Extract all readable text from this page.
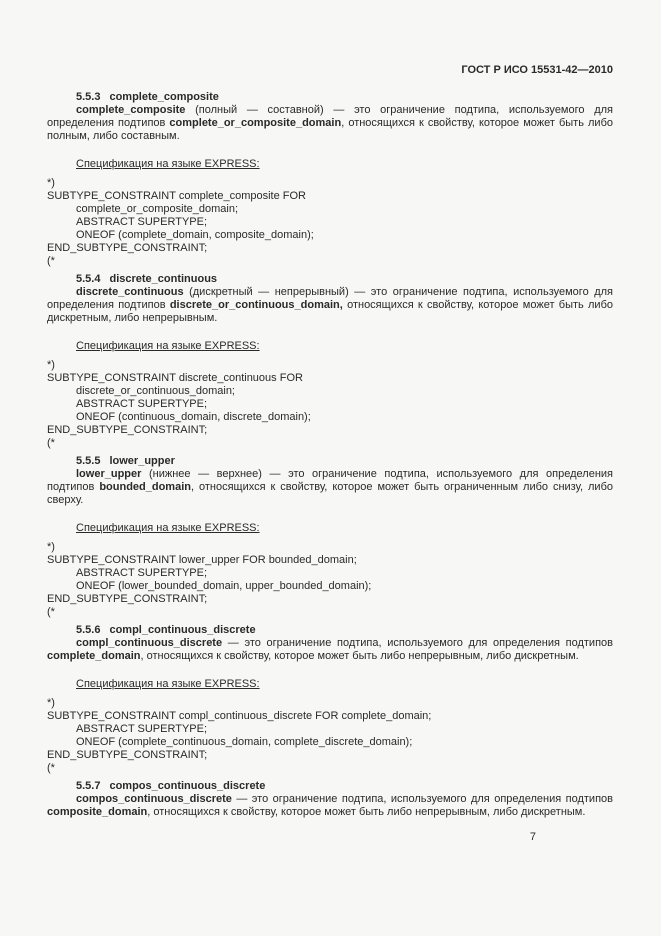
ГОСТ Р ИСО 15531-42—2010
5.5.3 complete_composite

complete_composite (полный — составной) — это ограничение подтипа, используемого для определения подтипов complete_or_composite_domain, относящихся к свойству, которое может быть либо полным, либо составным.

Спецификация на языке EXPRESS:

*)
SUBTYPE_CONSTRAINT complete_composite FOR
complete_or_composite_domain;
ABSTRACT SUPERTYPE;
ONEOF (complete_domain, composite_domain);
END_SUBTYPE_CONSTRAINT;
(*
5.5.4 discrete_continuous

discrete_continuous (дискретный — непрерывный) — это ограничение подтипа, используемого для определения подтипов discrete_or_continuous_domain, относящихся к свойству, которое может быть либо дискретным, либо непрерывным.

Спецификация на языке EXPRESS:

*)
SUBTYPE_CONSTRAINT discrete_continuous FOR
discrete_or_continuous_domain;
ABSTRACT SUPERTYPE;
ONEOF (continuous_domain, discrete_domain);
END_SUBTYPE_CONSTRAINT;
(*
5.5.5 lower_upper

lower_upper (нижнее — верхнее) — это ограничение подтипа, используемого для определения подтипов bounded_domain, относящихся к свойству, которое может быть ограниченным либо снизу, либо сверху.

Спецификация на языке EXPRESS:

*)
SUBTYPE_CONSTRAINT lower_upper FOR bounded_domain;
ABSTRACT SUPERTYPE;
ONEOF (lower_bounded_domain, upper_bounded_domain);
END_SUBTYPE_CONSTRAINT;
(*
5.5.6 compl_continuous_discrete

compl_continuous_discrete — это ограничение подтипа, используемого для определения подтипов complete_domain, относящихся к свойству, которое может быть либо непрерывным, либо дискретным.

Спецификация на языке EXPRESS:

*)
SUBTYPE_CONSTRAINT compl_continuous_discrete FOR complete_domain;
ABSTRACT SUPERTYPE;
ONEOF (complete_continuous_domain, complete_discrete_domain);
END_SUBTYPE_CONSTRAINT;
(*
5.5.7 compos_continuous_discrete

compos_continuous_discrete — это ограничение подтипа, используемого для определения подтипов composite_domain, относящихся к свойству, которое может быть либо непрерывным, либо дискретным.

7
